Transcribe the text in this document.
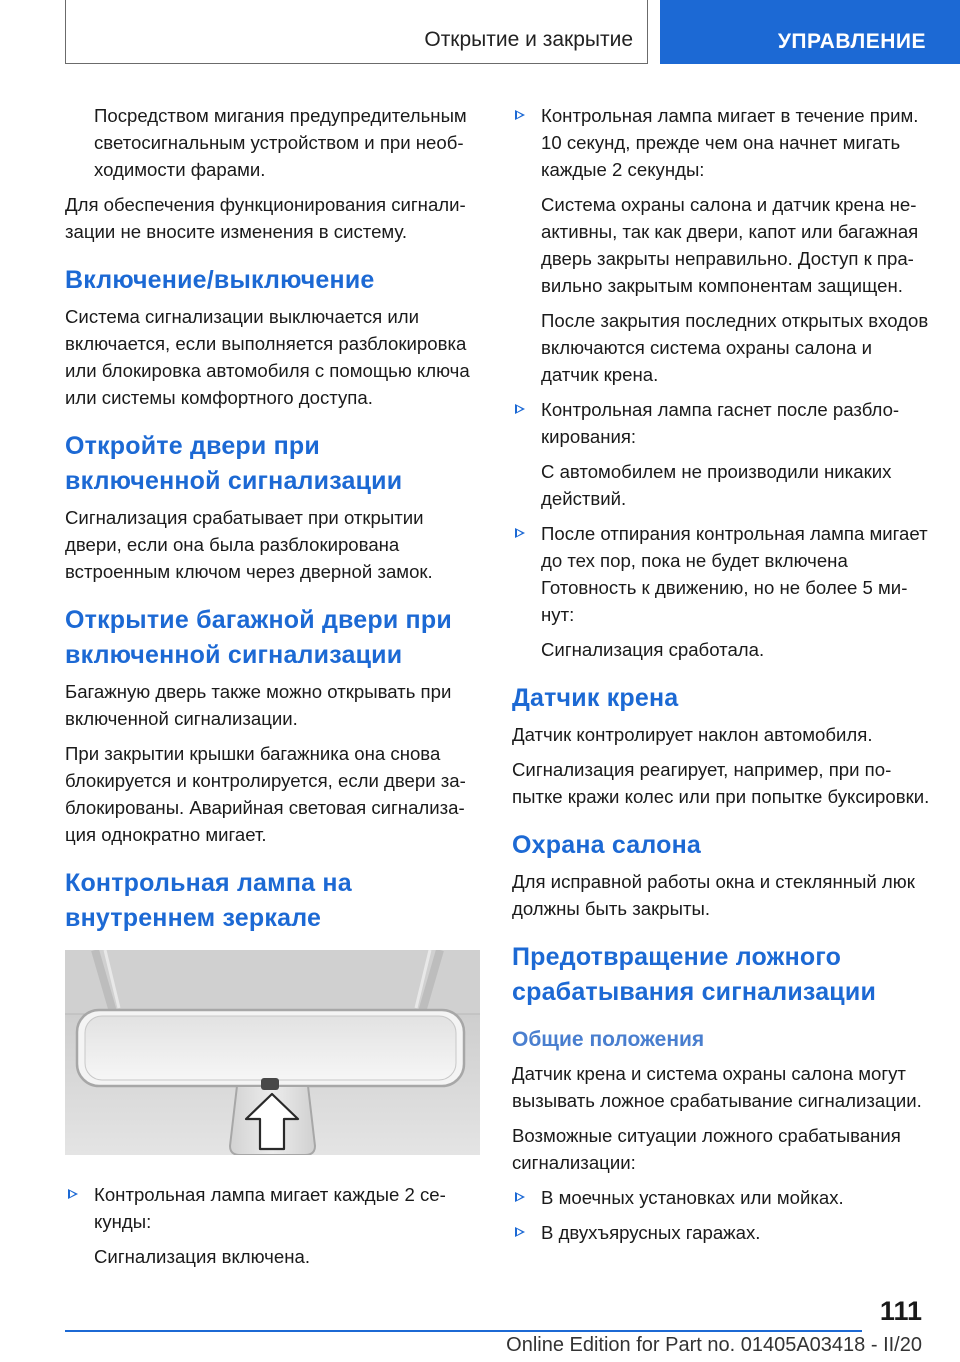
Открытие и закрытие	УПРАВЛЕНИЕ

Посредством мигания предупредительным светосигнальным устройством и при необходимости фарами.

Для обеспечения функционирования сигнализации не вносите изменения в систему.

Включение/выключение

Система сигнализации выключается или включается, если выполняется разблокировка или блокировка автомобиля с помощью ключа или системы комфортного доступа.

Откройте двери при включенной сигнализации

Сигнализация срабатывает при открытии двери, если она была разблокирована встроенным ключом через дверной замок.

Открытие багажной двери при включенной сигнализации

Багажную дверь также можно открывать при включенной сигнализации.

При закрытии крышки багажника она снова блокируется и контролируется, если двери заблокированы. Аварийная световая сигнализация однократно мигает.

Контрольная лампа на внутреннем зеркале
Контрольная лампа мигает каждые 2 секунды:

Сигнализация включена.

Контрольная лампа мигает в течение прим. 10 секунд, прежде чем она начнет мигать каждые 2 секунды:

Система охраны салона и датчик крена неактивны, так как двери, капот или багажная дверь закрыты неправильно. Доступ к правильно закрытым компонентам защищен.

После закрытия последних открытых входов включаются система охраны салона и датчик крена.

Контрольная лампа гаснет после разблокирования:

С автомобилем не производили никаких действий.

После отпирания контрольная лампа мигает до тех пор, пока не будет включена Готовность к движению, но не более 5 минут:

Сигнализация сработала.

Датчик крена

Датчик контролирует наклон автомобиля.

Сигнализация реагирует, например, при попытке кражи колес или при попытке буксировки.

Охрана салона

Для исправной работы окна и стеклянный люк должны быть закрыты.

Предотвращение ложного срабатывания сигнализации
Общие положения

Датчик крена и система охраны салона могут вызывать ложное срабатывание сигнализации.

Возможные ситуации ложного срабатывания сигнализации:

В моечных установках или мойках.
В двухъярусных гаражах.
111
Online Edition for Part no. 01405A03418 - II/20
